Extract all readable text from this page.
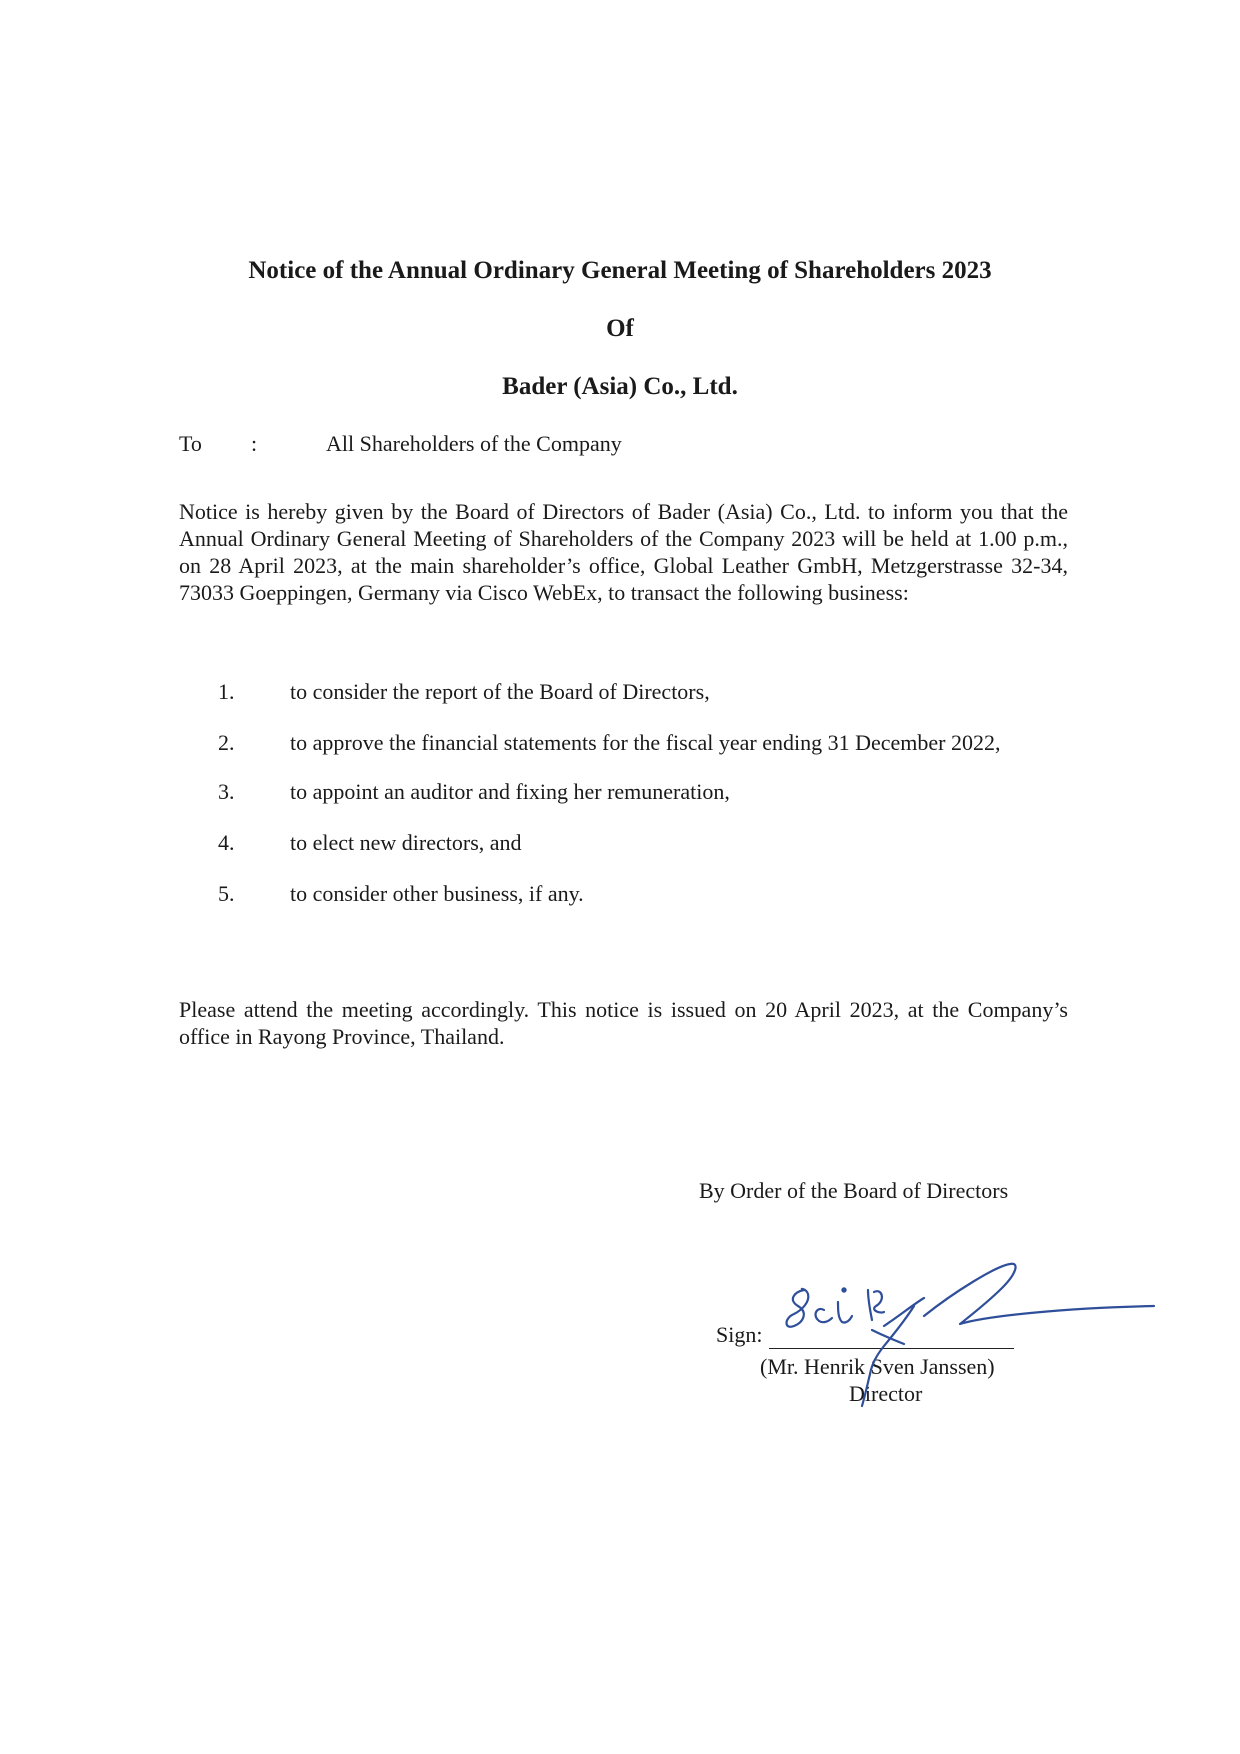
Notice of the Annual Ordinary General Meeting of Shareholders 2023
Of
Bader (Asia) Co., Ltd.
To :	All Shareholders of the Company

Notice is hereby given by the Board of Directors of Bader (Asia) Co., Ltd. to inform you that the Annual Ordinary General Meeting of Shareholders of the Company 2023 will be held at 1.00 p.m., on 28 April 2023, at the main shareholder’s office, Global Leather GmbH, Metzgerstrasse 32-34, 73033 Goeppingen, Germany via Cisco WebEx, to transact the following business:

1.	to consider the report of the Board of Directors,
2.	to approve the financial statements for the fiscal year ending 31 December 2022,
3.	to appoint an auditor and fixing her remuneration,
4.	to elect new directors, and
5.	to consider other business, if any.

Please attend the meeting accordingly. This notice is issued on 20 April 2023, at the Company’s office in Rayong Province, Thailand.

By Order of the Board of Directors
Sign:
(Mr. Henrik Sven Janssen)
Director
